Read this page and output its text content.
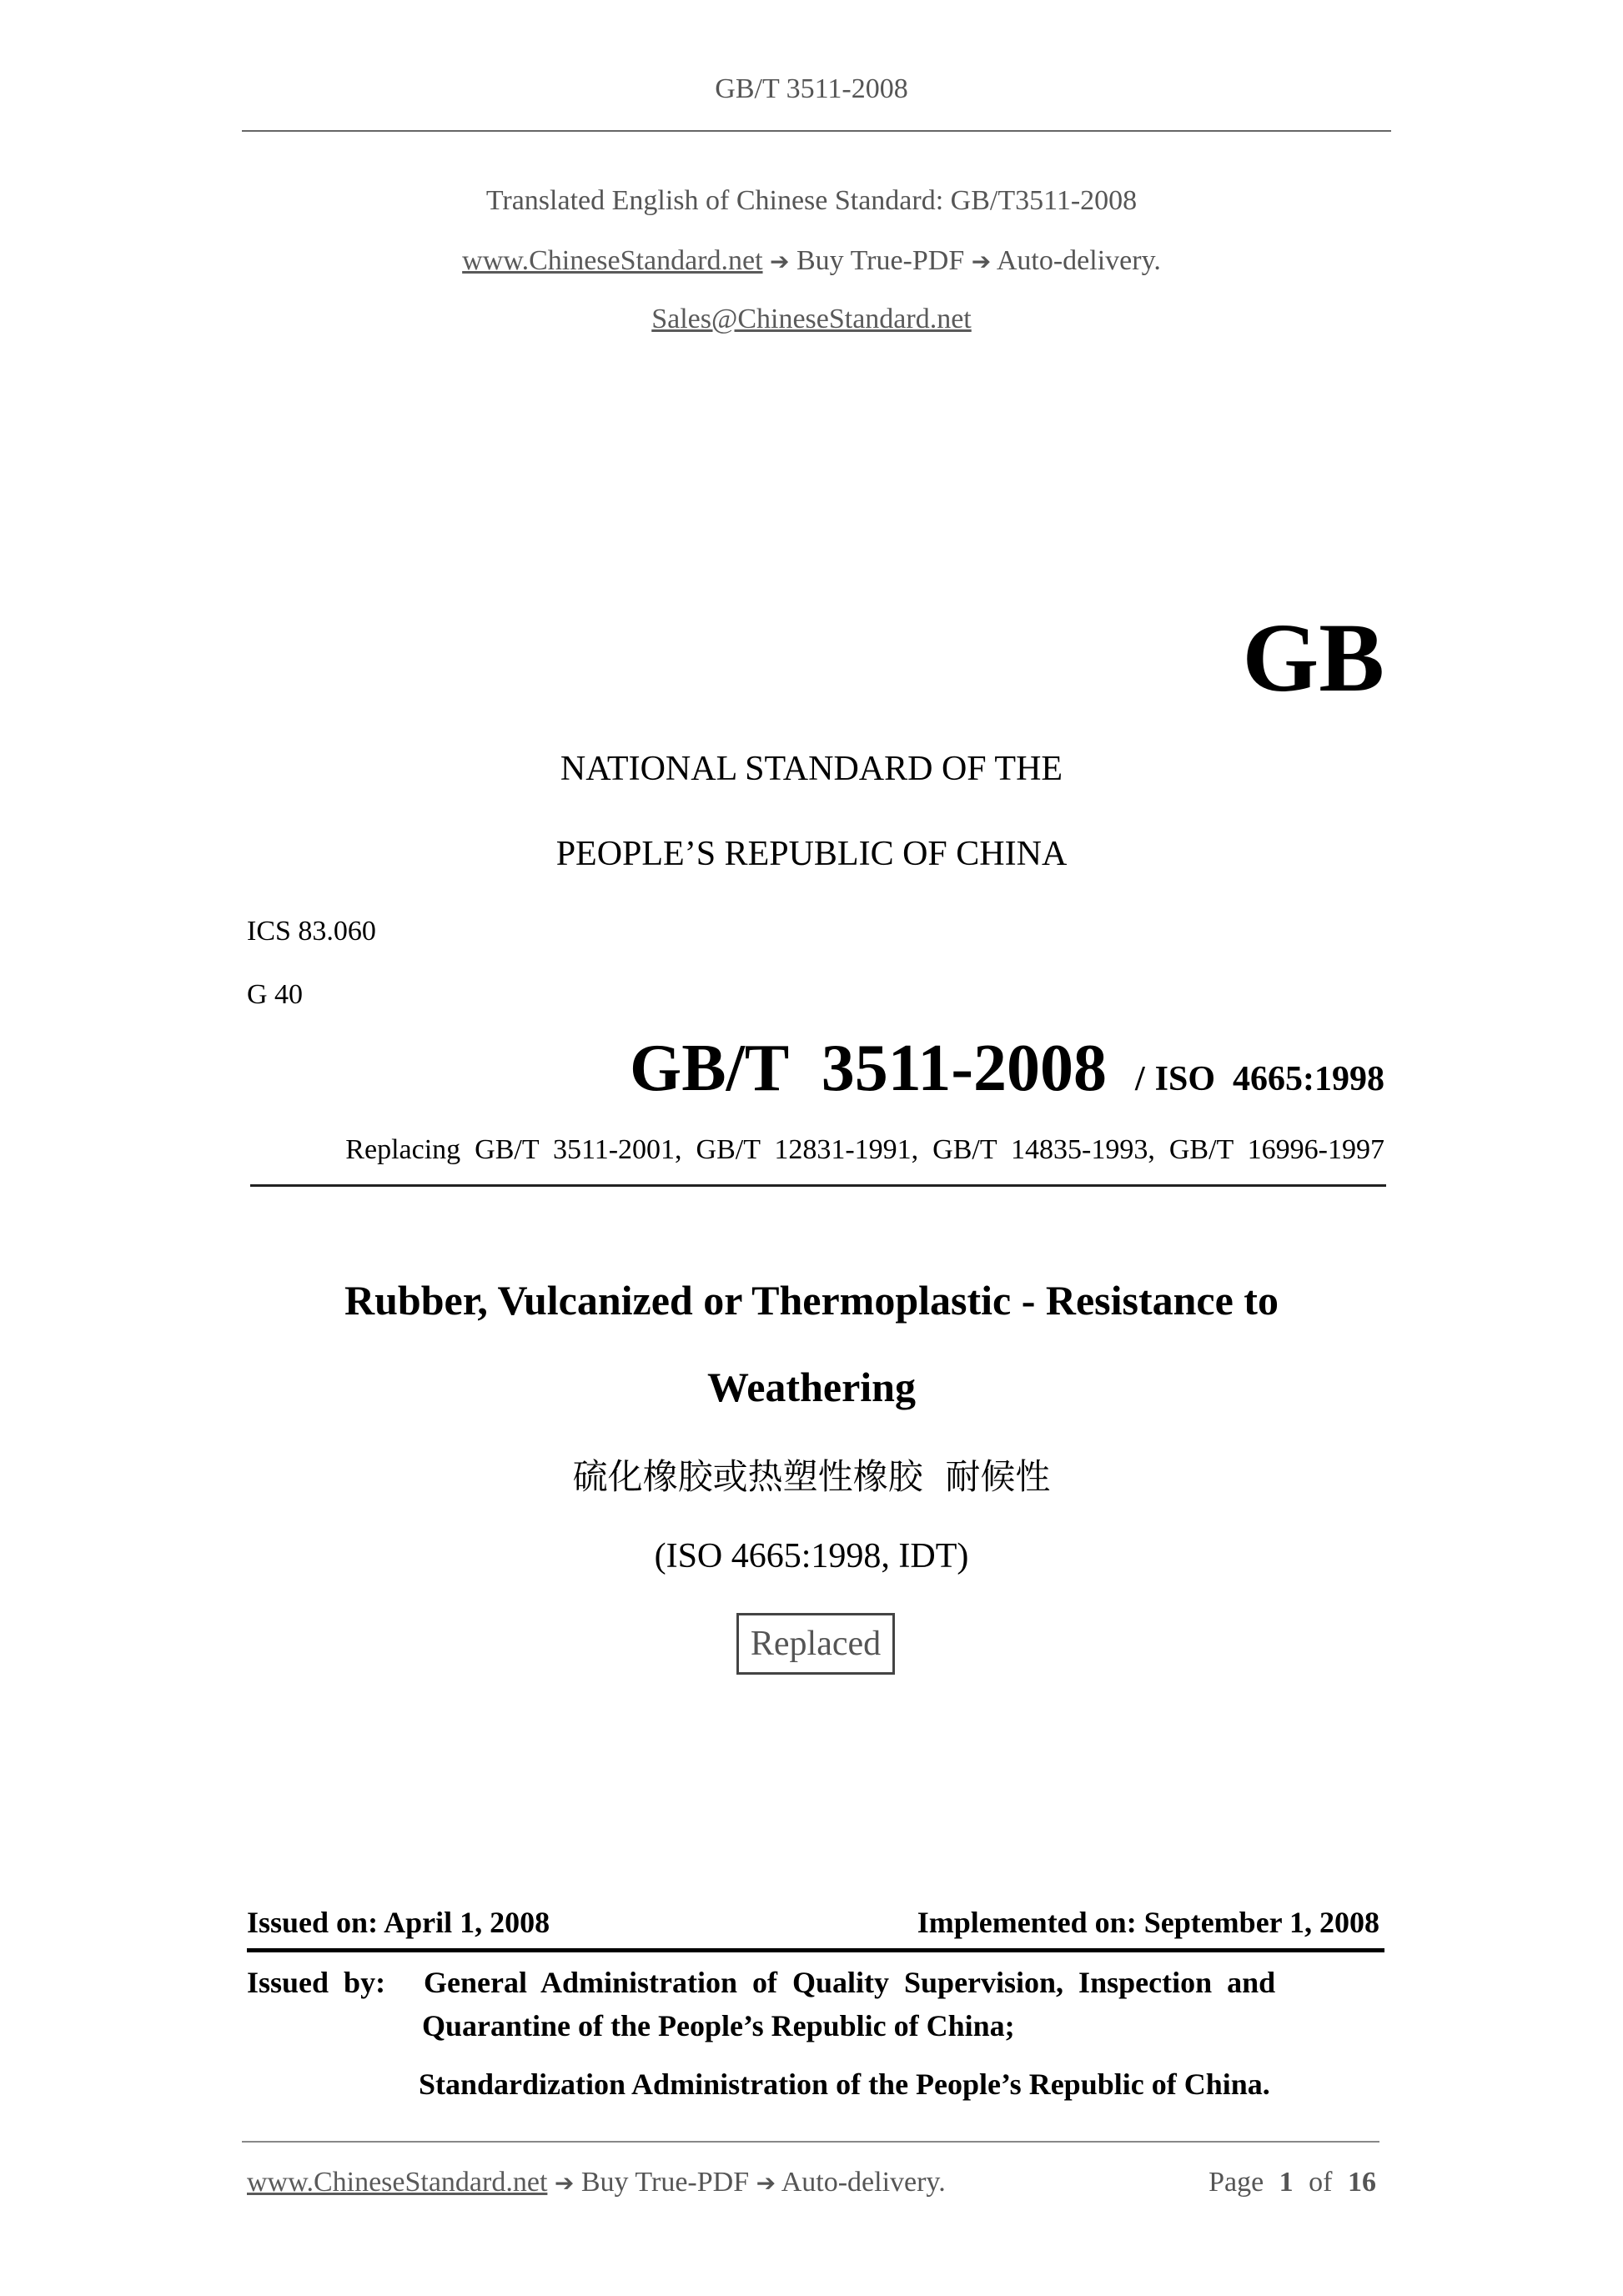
GB/T 3511-2008
Translated English of Chinese Standard: GB/T3511-2008
www.ChineseStandard.net ➔ Buy True-PDF ➔ Auto-delivery.
Sales@ChineseStandard.net
GB
NATIONAL STANDARD OF THE
PEOPLE’S REPUBLIC OF CHINA
ICS 83.060
G 40
GB/T  3511-2008 / ISO  4665:1998
Replacing  GB/T  3511-2001,  GB/T  12831-1991,  GB/T  14835-1993,  GB/T  16996-1997
Rubber, Vulcanized or Thermoplastic - Resistance to
Weathering
硫化橡胶或热塑性橡胶  耐候性
(ISO 4665:1998, IDT)
Replaced
Issued on: April 1, 2008	Implemented on: September 1, 2008
Issued  by: General  Administration  of  Quality  Supervision,  Inspection  and
Quarantine of the People’s Republic of China;
Standardization Administration of the People’s Republic of China.
www.ChineseStandard.net ➔ Buy True-PDF ➔ Auto-delivery.	Page 1 of 16
